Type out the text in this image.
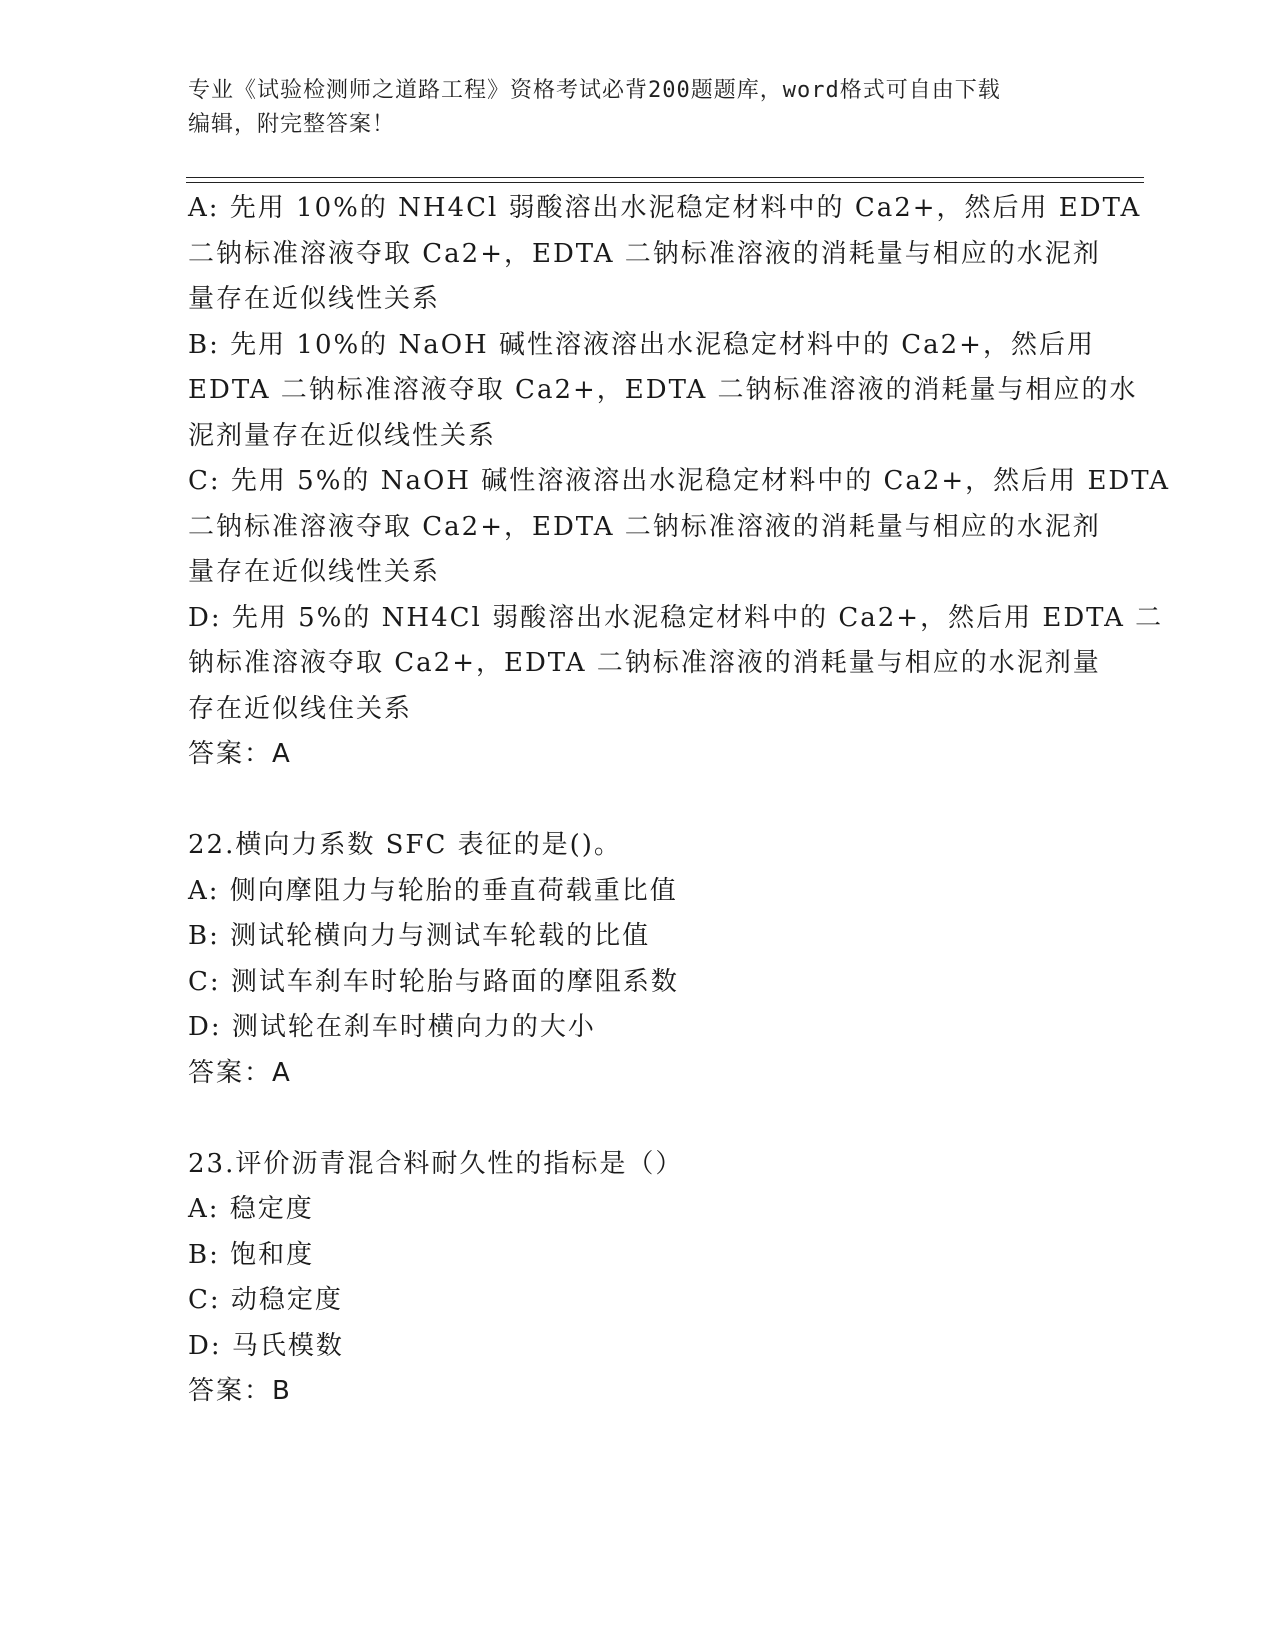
专业《试验检测师之道路工程》资格考试必背200题题库，word格式可自由下载
编辑，附完整答案！
A: 先用 10%的 NH4Cl 弱酸溶出水泥稳定材料中的 Ca2+，然后用 EDTA
二钠标准溶液夺取 Ca2+，EDTA 二钠标准溶液的消耗量与相应的水泥剂
量存在近似线性关系
B: 先用 10%的 NaOH 碱性溶液溶出水泥稳定材料中的 Ca2+，然后用
EDTA 二钠标准溶液夺取 Ca2+，EDTA 二钠标准溶液的消耗量与相应的水
泥剂量存在近似线性关系
C: 先用 5%的 NaOH 碱性溶液溶出水泥稳定材料中的 Ca2+，然后用 EDTA
二钠标准溶液夺取 Ca2+，EDTA 二钠标准溶液的消耗量与相应的水泥剂
量存在近似线性关系
D: 先用 5%的 NH4Cl 弱酸溶出水泥稳定材料中的 Ca2+，然后用 EDTA 二
钠标准溶液夺取 Ca2+，EDTA 二钠标准溶液的消耗量与相应的水泥剂量
存在近似线住关系
答案：A
22.横向力系数 SFC 表征的是()。
A: 侧向摩阻力与轮胎的垂直荷载重比值
B: 测试轮横向力与测试车轮载的比值
C: 测试车刹车时轮胎与路面的摩阻系数
D: 测试轮在刹车时横向力的大小
答案：A
23.评价沥青混合料耐久性的指标是（）
A: 稳定度
B: 饱和度
C: 动稳定度
D: 马氏模数
答案：B
